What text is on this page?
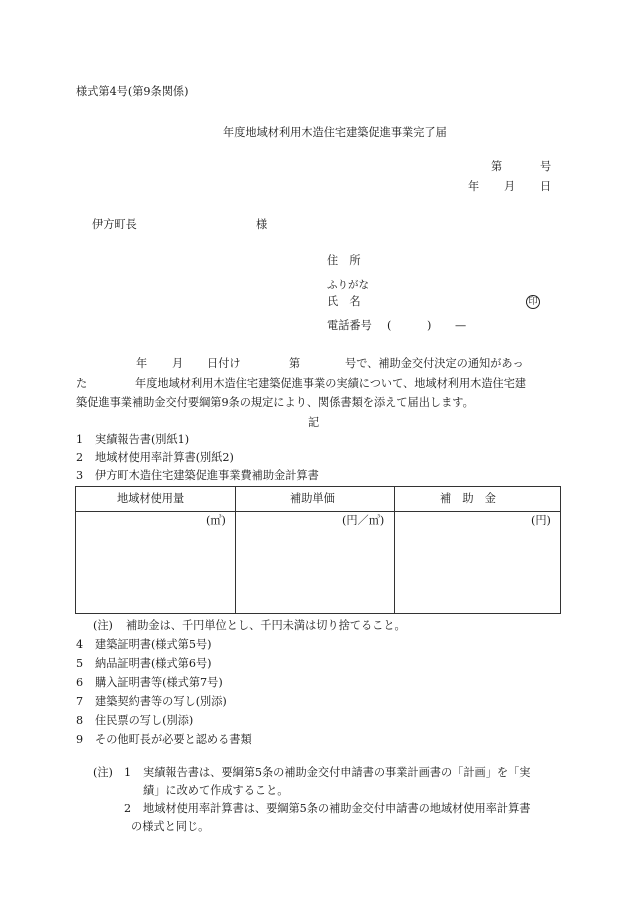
様式第4号(第9条関係)
年度地域材利用木造住宅建築促進事業完了届
第	号
年 月 日
伊方町長	様
住　所
ふりがな
氏　名	印
電話番号 (	) —
年 月 日付け	第	号で、補助金交付決定の通知があっ
た	年度地域材利用木造住宅建築促進事業の実績について、地域材利用木造住宅建
築促進事業補助金交付要綱第9条の規定により、関係書類を添えて届出します。
記
1 実績報告書(別紙1)
2 地域材使用率計算書(別紙2)
3 伊方町木造住宅建築促進事業費補助金計算書
地域材使用量	補助単価	補　助　金
(㎥)	(円／㎥)	(円)
(注) 補助金は、千円単位とし、千円未満は切り捨てること。
4 建築証明書(様式第5号)
5 納品証明書(様式第6号)
6 購入証明書等(様式第7号)
7 建築契約書等の写し(別添)
8 住民票の写し(別添)
9 その他町長が必要と認める書類
(注) 1 実績報告書は、要綱第5条の補助金交付申請書の事業計画書の「計画」を「実
績」に改めて作成すること。
2 地域材使用率計算書は、要綱第5条の補助金交付申請書の地域材使用率計算書
の様式と同じ。
